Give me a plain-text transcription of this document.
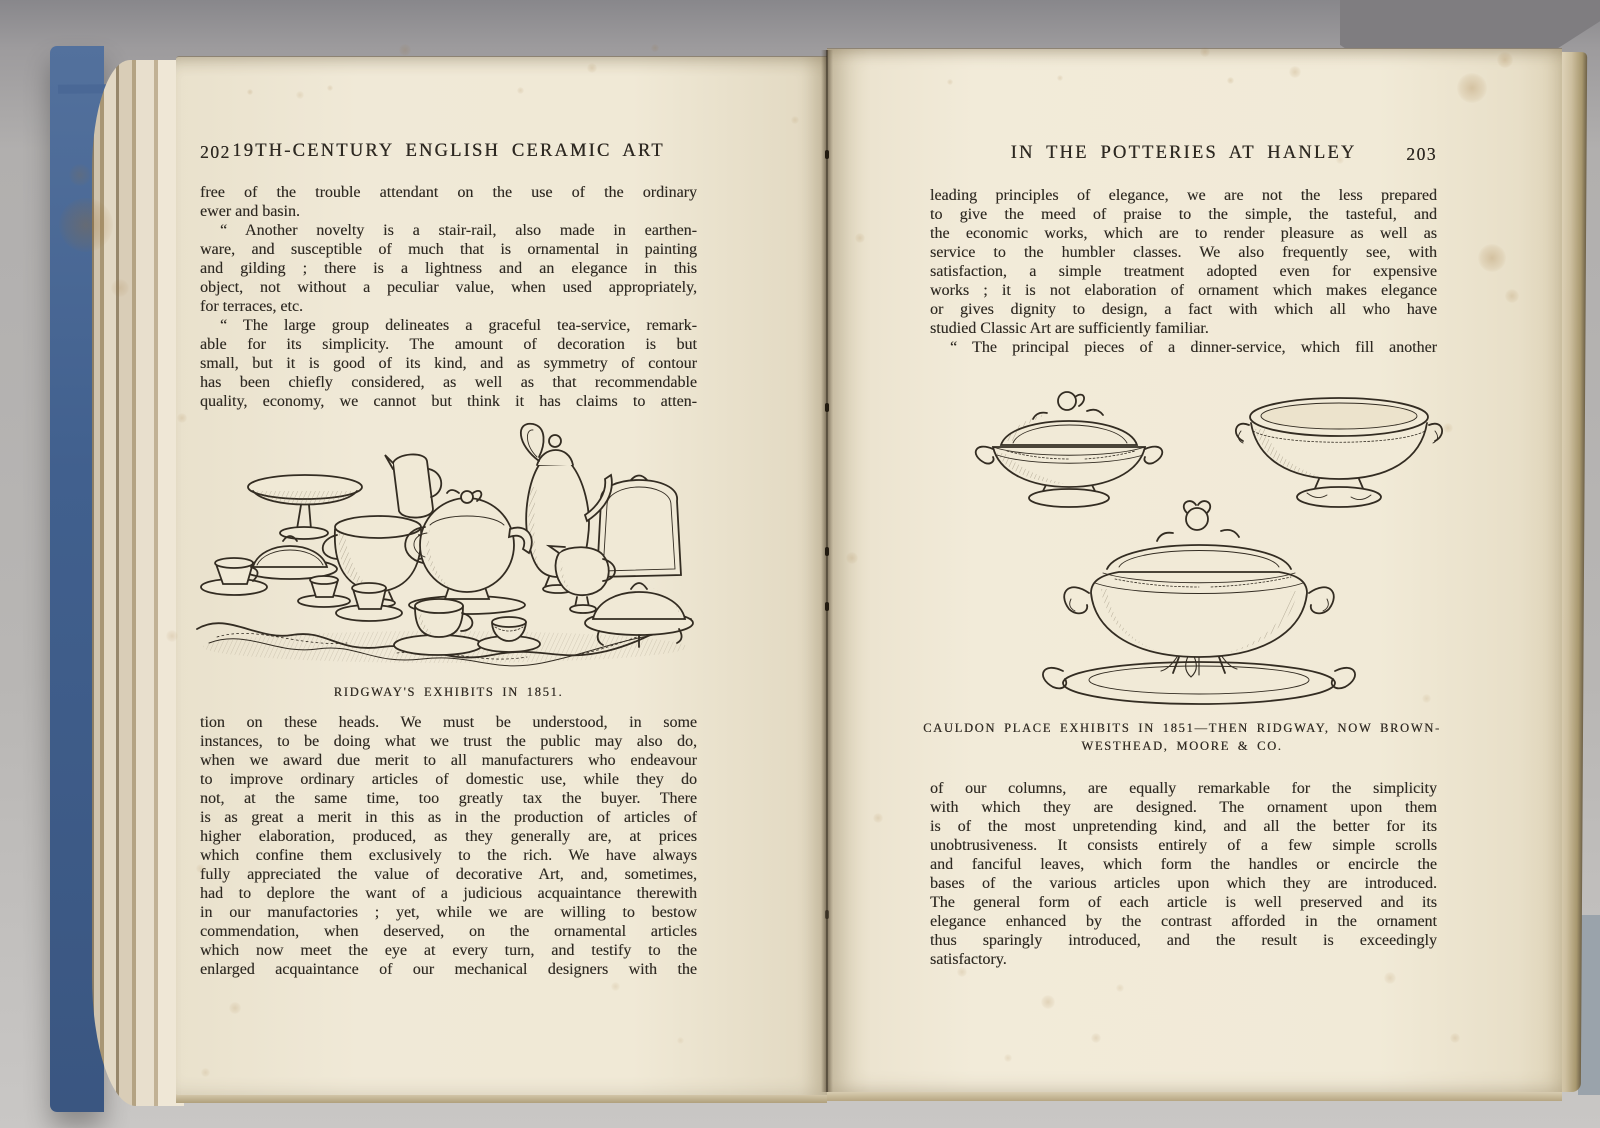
202 19TH-CENTURY ENGLISH CERAMIC ART
free of the trouble attendant on the use of the ordinary
ewer and basin.
“ Another novelty is a stair-rail, also made in earthen-
ware, and susceptible of much that is ornamental in painting
and gilding ; there is a lightness and an elegance in this
object, not without a peculiar value, when used appropriately,
for terraces, etc.
“ The large group delineates a graceful tea-service, remark-
able for its simplicity. The amount of decoration is but
small, but it is good of its kind, and as symmetry of contour
has been chiefly considered, as well as that recommendable
quality, economy, we cannot but think it has claims to atten-
RIDGWAY'S EXHIBITS IN 1851.
tion on these heads. We must be understood, in some
instances, to be doing what we trust the public may also do,
when we award due merit to all manufacturers who endeavour
to improve ordinary articles of domestic use, while they do
not, at the same time, too greatly tax the buyer. There
is as great a merit in this as in the production of articles of
higher elaboration, produced, as they generally are, at prices
which confine them exclusively to the rich. We have always
fully appreciated the value of decorative Art, and, sometimes,
had to deplore the want of a judicious acquaintance therewith
in our manufactories ; yet, while we are willing to bestow
commendation, when deserved, on the ornamental articles
which now meet the eye at every turn, and testify to the
enlarged acquaintance of our mechanical designers with the
IN THE POTTERIES AT HANLEY	203
leading principles of elegance, we are not the less prepared
to give the meed of praise to the simple, the tasteful, and
the economic works, which are to render pleasure as well as
service to the humbler classes. We also frequently see, with
satisfaction, a simple treatment adopted even for expensive
works ; it is not elaboration of ornament which makes elegance
or gives dignity to design, a fact with which all who have
studied Classic Art are sufficiently familiar.
“ The principal pieces of a dinner-service, which fill another
CAULDON PLACE EXHIBITS IN 1851—THEN RIDGWAY, NOW BROWN-
WESTHEAD, MOORE & CO.
of our columns, are equally remarkable for the simplicity
with which they are designed. The ornament upon them
is of the most unpretending kind, and all the better for its
unobtrusiveness. It consists entirely of a few simple scrolls
and fanciful leaves, which form the handles or encircle the
bases of the various articles upon which they are introduced.
The general form of each article is well preserved and its
elegance enhanced by the contrast afforded in the ornament
thus sparingly introduced, and the result is exceedingly
satisfactory.
